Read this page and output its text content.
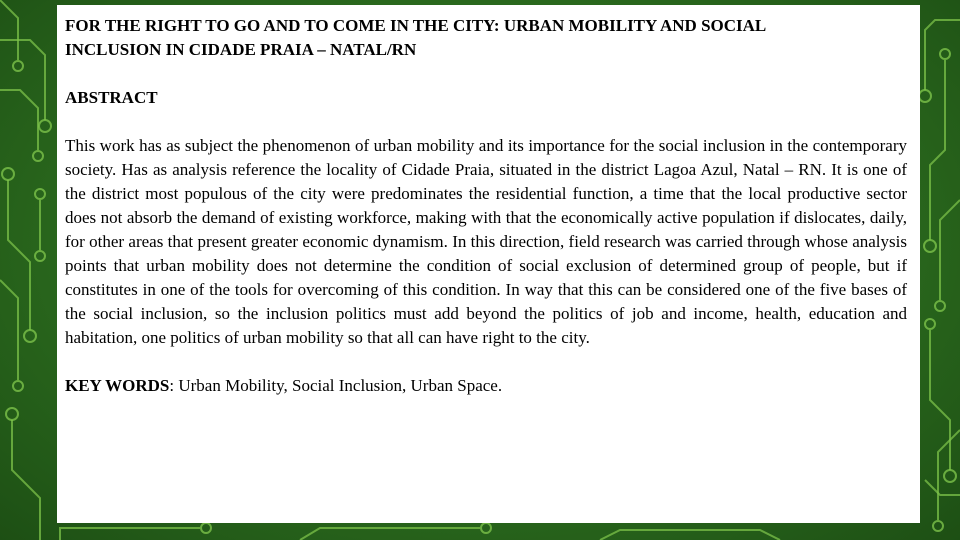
FOR THE RIGHT TO GO AND TO COME IN THE CITY: URBAN MOBILITY AND SOCIAL INCLUSION IN CIDADE PRAIA – NATAL/RN
ABSTRACT

This work has as subject the phenomenon of urban mobility and its importance for the social inclusion in the contemporary society. Has as analysis reference the locality of Cidade Praia, situated in the district Lagoa Azul, Natal – RN. It is one of the district most populous of the city were predominates the residential function, a time that the local productive sector does not absorb the demand of existing workforce, making with that the economically active population if dislocates, daily, for other areas that present greater economic dynamism. In this direction, field research was carried through whose analysis points that urban mobility does not determine the condition of social exclusion of determined group of people, but if constitutes in one of the tools for overcoming of this condition. In way that this can be considered one of the five bases of the social inclusion, so the inclusion politics must add beyond the politics of job and income, health, education and habitation, one politics of urban mobility so that all can have right to the city.

KEY WORDS: Urban Mobility, Social Inclusion, Urban Space.
